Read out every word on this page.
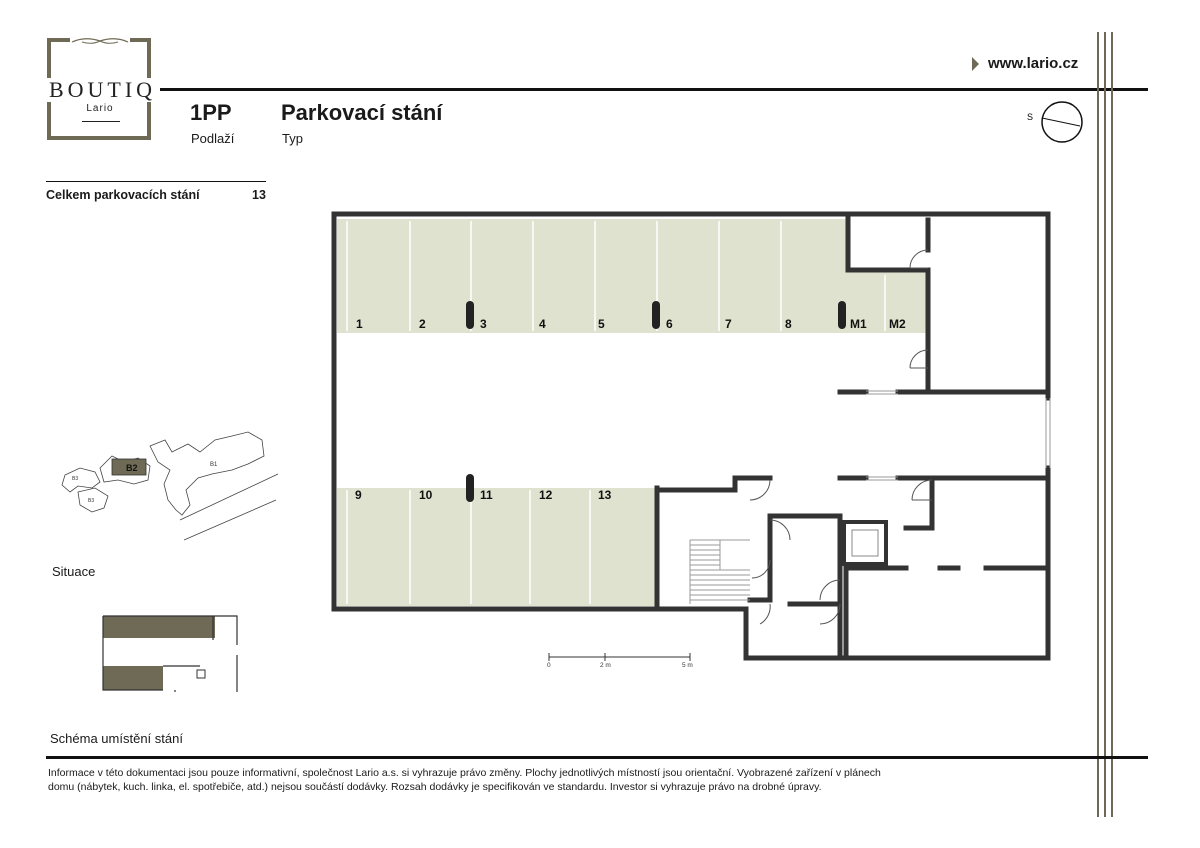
BOUTIQ
Lario
www.lario.cz
1PP
Podlaží
Parkovací stání
Typ
S
Celkem parkovacích stání	13
1	2	3	4	5	6	7	8	M1 M2
9	10	11	12	13
0	2 m	5 m
B2	B1
B3
B3
Situace
Schéma umístění stání
Informace v této dokumentaci jsou pouze informativní, společnost Lario a.s. si vyhrazuje právo změny. Plochy jednotlivých místností jsou orientační. Vyobrazené zařízení v plánech
domu (nábytek, kuch. linka, el. spotřebiče, atd.) nejsou součástí dodávky. Rozsah dodávky je specifikován ve standardu. Investor si vyhrazuje právo na drobné úpravy.
